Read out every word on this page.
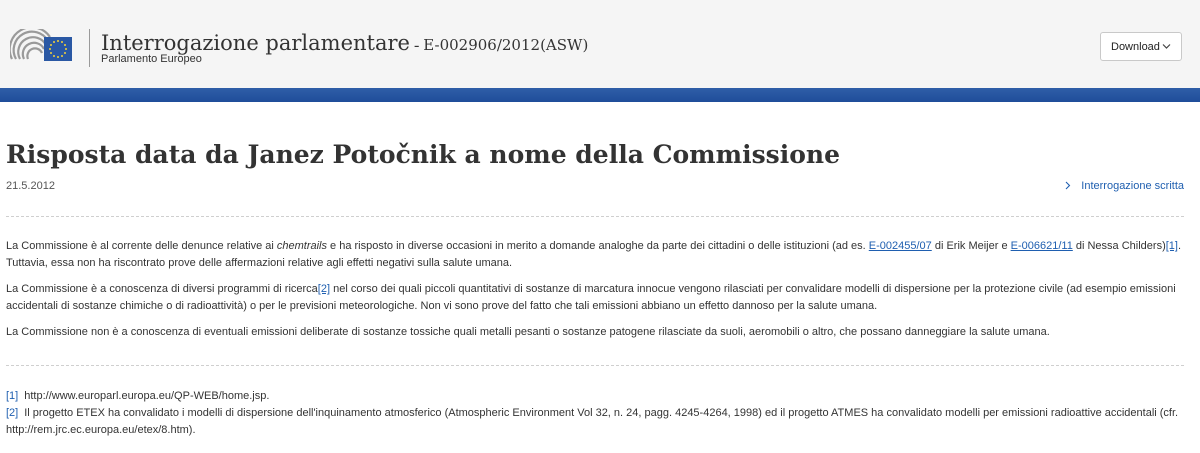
Interrogazione parlamentare - E-002906/2012(ASW)
Parlamento Europeo
Download
Risposta data da Janez Potočnik a nome della Commissione
21.5.2012	Interrogazione scritta

La Commissione è al corrente delle denunce relative ai chemtrails e ha risposto in diverse occasioni in merito a domande analoghe da parte dei cittadini o delle istituzioni (ad es. E-002455/07 di Erik Meijer e E-006621/11 di Nessa Childers)[1]. Tuttavia, essa non ha riscontrato prove delle affermazioni relative agli effetti negativi sulla salute umana.

La Commissione è a conoscenza di diversi programmi di ricerca[2] nel corso dei quali piccoli quantitativi di sostanze di marcatura innocue vengono rilasciati per convalidare modelli di dispersione per la protezione civile (ad esempio emissioni accidentali di sostanze chimiche o di radioattività) o per le previsioni meteorologiche. Non vi sono prove del fatto che tali emissioni abbiano un effetto dannoso per la salute umana.

La Commissione non è a conoscenza di eventuali emissioni deliberate di sostanze tossiche quali metalli pesanti o sostanze patogene rilasciate da suoli, aeromobili o altro, che possano danneggiare la salute umana.

[1] http://www.europarl.europa.eu/QP-WEB/home.jsp.
[2] Il progetto ETEX ha convalidato i modelli di dispersione dell'inquinamento atmosferico (Atmospheric Environment Vol 32, n. 24, pagg. 4245-4264, 1998) ed il progetto ATMES ha convalidato modelli per emissioni radioattive accidentali (cfr. http://rem.jrc.ec.europa.eu/etex/8.htm).
